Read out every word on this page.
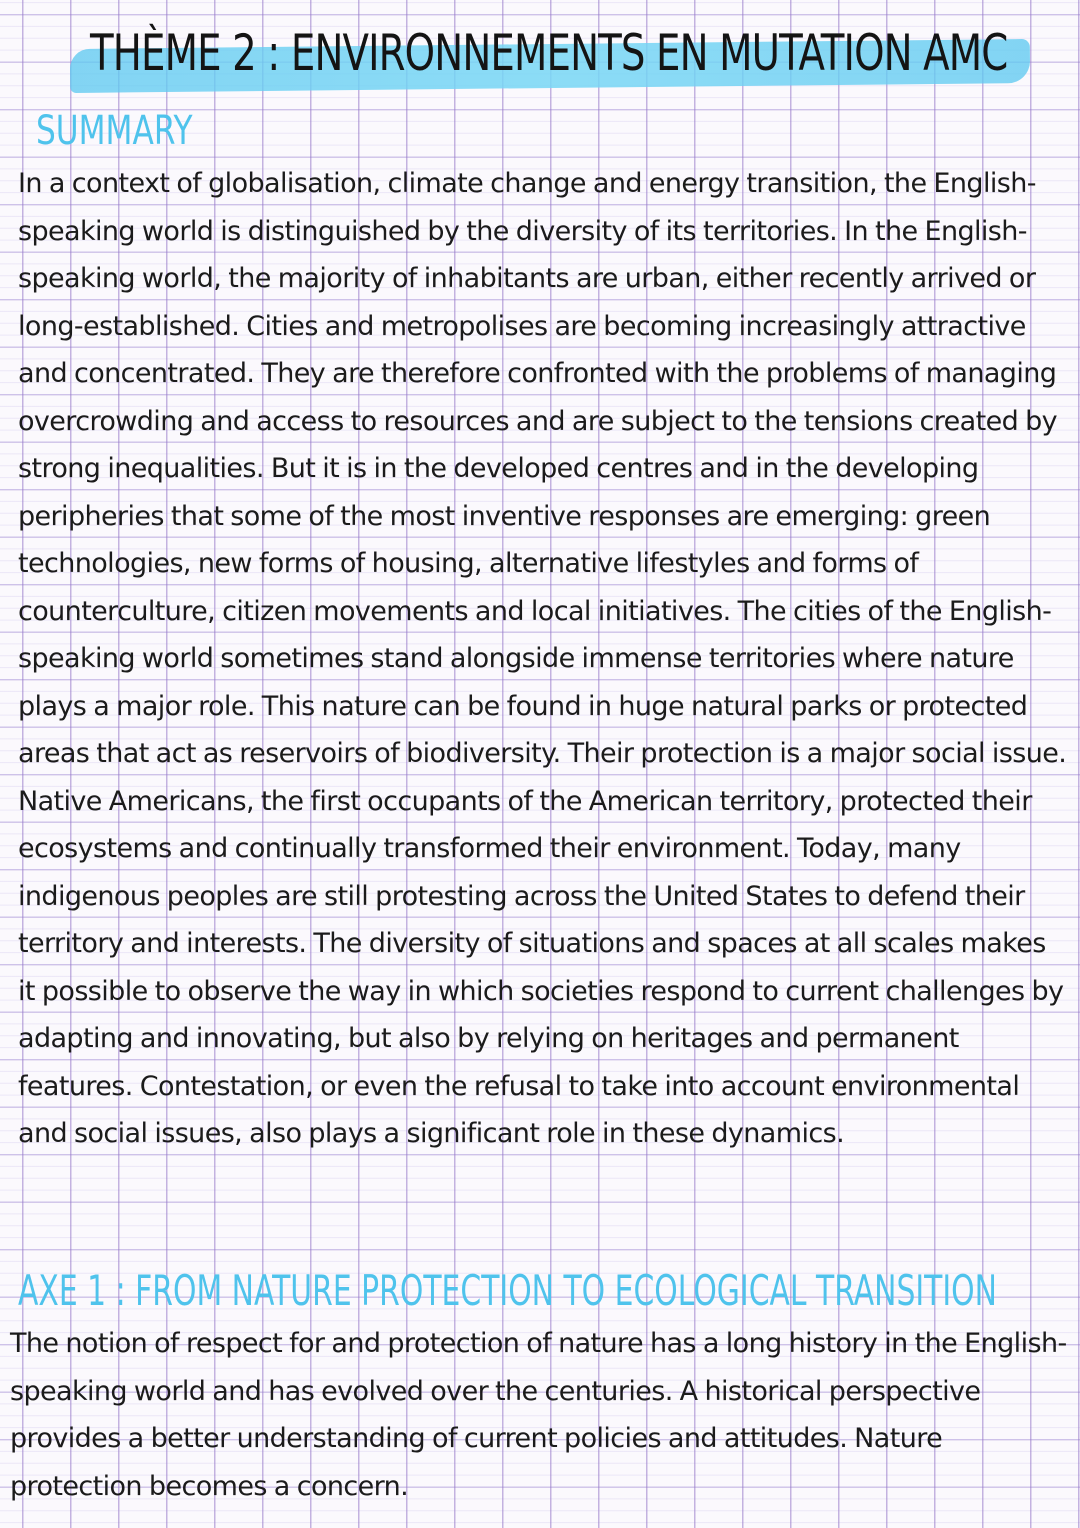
THÈME 2 : ENVIRONNEMENTS EN MUTATION AMC
SUMMARY

In a context of globalisation, climate change and energy transition, the English-speaking world is distinguished by the diversity of its territories. In the English-speaking world, the majority of inhabitants are urban, either recently arrived or long-established. Cities and metropolises are becoming increasingly attractive and concentrated. They are therefore confronted with the problems of managing overcrowding and access to resources and are subject to the tensions created by strong inequalities. But it is in the developed centres and in the developing peripheries that some of the most inventive responses are emerging: green technologies, new forms of housing, alternative lifestyles and forms of counterculture, citizen movements and local initiatives. The cities of the English-speaking world sometimes stand alongside immense territories where nature plays a major role. This nature can be found in huge natural parks or protected areas that act as reservoirs of biodiversity. Their protection is a major social issue. Native Americans, the first occupants of the American territory, protected their ecosystems and continually transformed their environment. Today, many indigenous peoples are still protesting across the United States to defend their territory and interests. The diversity of situations and spaces at all scales makes it possible to observe the way in which societies respond to current challenges by adapting and innovating, but also by relying on heritages and permanent features. Contestation, or even the refusal to take into account environmental and social issues, also plays a significant role in these dynamics.

AXE 1 : FROM NATURE PROTECTION TO ECOLOGICAL TRANSITION

The notion of respect for and protection of nature has a long history in the English-speaking world and has evolved over the centuries. A historical perspective provides a better understanding of current policies and attitudes. Nature protection becomes a concern.
